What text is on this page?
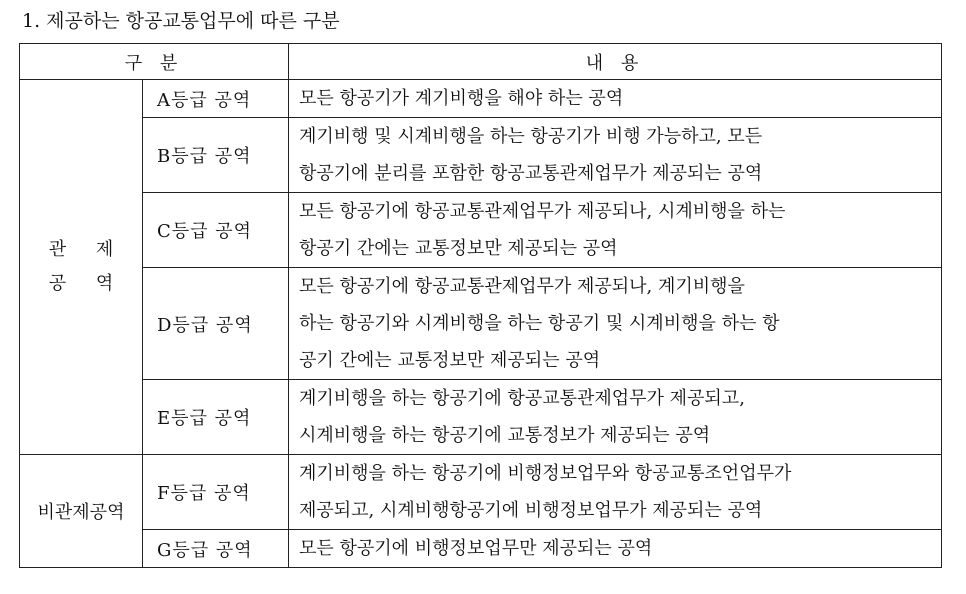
1. 제공하는 항공교통업무에 따른 구분
구 분		내 용

관 제
공 역	A등급 공역	모든 항공기가 계기비행을 해야 하는 공역

	B등급 공역	계기비행 및 시계비행을 하는 항공기가 비행 가능하고, 모든
항공기에 분리를 포함한 항공교통관제업무가 제공되는 공역

	C등급 공역	모든 항공기에 항공교통관제업무가 제공되나, 시계비행을 하는
항공기 간에는 교통정보만 제공되는 공역

	D등급 공역	모든 항공기에 항공교통관제업무가 제공되나, 계기비행을
하는 항공기와 시계비행을 하는 항공기 및 시계비행을 하는 항
공기 간에는 교통정보만 제공되는 공역

	E등급 공역	계기비행을 하는 항공기에 항공교통관제업무가 제공되고,
시계비행을 하는 항공기에 교통정보가 제공되는 공역

비관제공역	F등급 공역	계기비행을 하는 항공기에 비행정보업무와 항공교통조언업무가
제공되고, 시계비행항공기에 비행정보업무가 제공되는 공역

	G등급 공역	모든 항공기에 비행정보업무만 제공되는 공역
